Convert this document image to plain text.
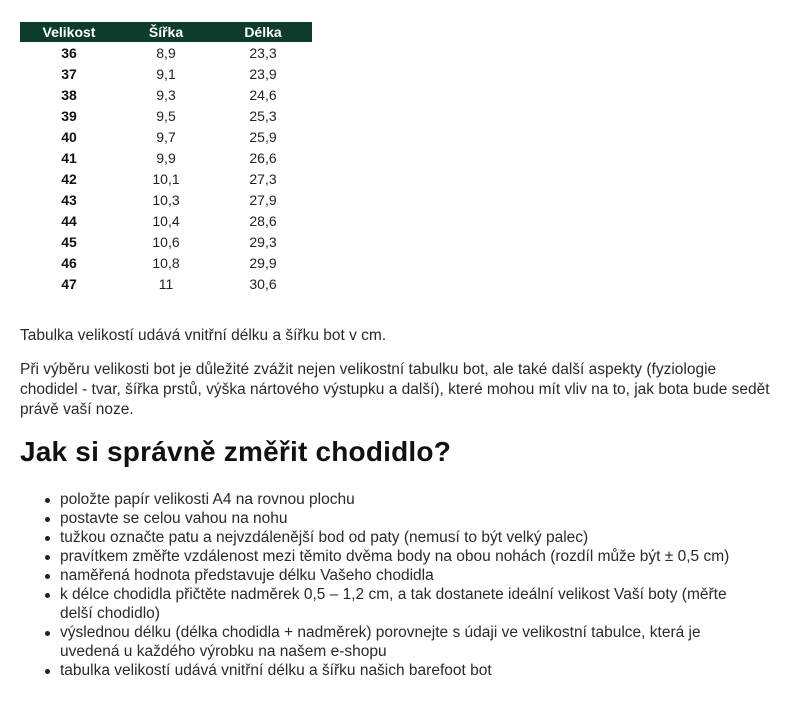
Velikost	Šířka	Délka
36	8,9	23,3
37	9,1	23,9
38	9,3	24,6
39	9,5	25,3
40	9,7	25,9
41	9,9	26,6
42	10,1	27,3
43	10,3	27,9
44	10,4	28,6
45	10,6	29,3
46	10,8	29,9
47	11	30,6

Tabulka velikostí udává vnitřní délku a šířku bot v cm.

Při výběru velikosti bot je důležité zvážit nejen velikostní tabulku bot, ale také další aspekty (fyziologie chodidel - tvar, šířka prstů, výška nártového výstupku a další), které mohou mít vliv na to, jak bota bude sedět právě vaší noze.

Jak si správně změřit chodidlo?
položte papír velikosti A4 na rovnou plochu
postavte se celou vahou na nohu
tužkou označte patu a nejvzdálenější bod od paty (nemusí to být velký palec)
pravítkem změřte vzdálenost mezi těmito dvěma body na obou nohách (rozdíl může být ± 0,5 cm)
naměřená hodnota představuje délku Vašeho chodidla
k délce chodidla přičtěte nadměrek 0,5 – 1,2 cm, a tak dostanete ideální velikost Vaší boty (měřte delší chodidlo)
výslednou délku (délka chodidla + nadměrek) porovnejte s údaji ve velikostní tabulce, která je uvedená u každého výrobku na našem e-shopu
tabulka velikostí udává vnitřní délku a šířku našich barefoot bot
